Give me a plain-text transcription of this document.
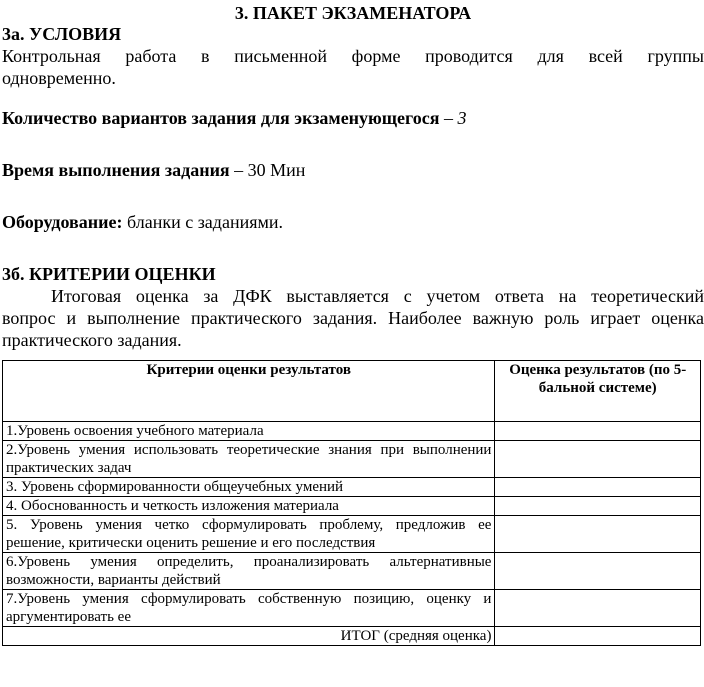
3. ПАКЕТ ЭКЗАМЕНАТОРА
3а. УСЛОВИЯ
Контрольная работа в письменной форме проводится для всей группы
одновременно.
Количество вариантов задания для экзаменующегося – 3
Время выполнения задания – 30 Мин
Оборудование: бланки с заданиями.
3б. КРИТЕРИИ ОЦЕНКИ
Итоговая оценка за ДФК выставляется с учетом ответа на теоретический
вопрос и выполнение практического задания. Наиболее важную роль играет оценка
практического задания.
Критерии оценки результатов	Оценка результатов (по 5-бальной системе)
1.Уровень освоения учебного материала	
2.Уровень умения использовать теоретические знания при выполнении практических задач	
3. Уровень сформированности общеучебных умений	
4. Обоснованность и четкость изложения материала	
5. Уровень умения четко сформулировать проблему, предложив ее решение, критически оценить решение и его последствия	
6.Уровень умения определить, проанализировать альтернативные возможности, варианты действий	
7.Уровень умения сформулировать собственную позицию, оценку и аргументировать ее	
ИТОГ (средняя оценка)	
